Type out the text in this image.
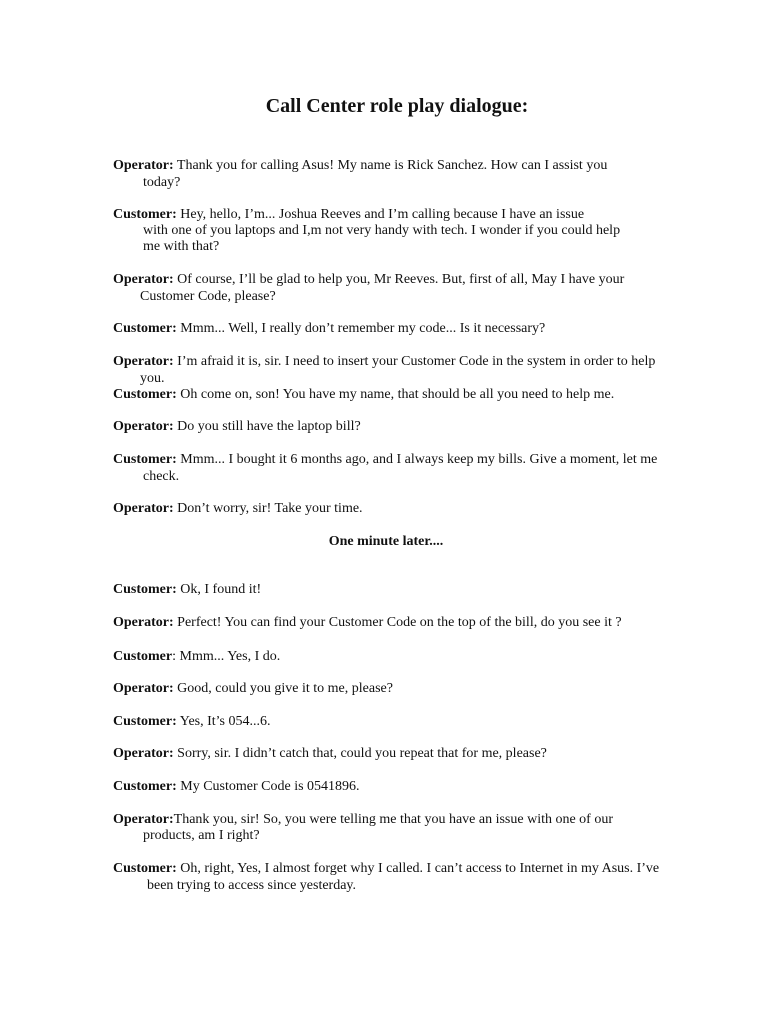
Call Center role play dialogue:

Operator: Thank you for calling Asus! My name is Rick Sanchez. How can I assist you

today?

Customer: Hey, hello, I’m... Joshua Reeves and I’m calling because I have an issue

with one of you laptops and I,m not very handy with tech. I wonder if you could help

me with that?

Operator: Of course, I’ll be glad to help you, Mr Reeves. But, first of all, May I have your

Customer Code, please?

Customer: Mmm... Well, I really don’t remember my code... Is it necessary?

Operator: I’m afraid it is, sir. I need to insert your Customer Code in the system in order to help

you.

Customer: Oh come on, son! You have my name, that should be all you need to help me.

Operator: Do you still have the laptop bill?

Customer: Mmm... I bought it 6 months ago, and I always keep my bills. Give a moment, let me

check.

Operator: Don’t worry, sir! Take your time.

One minute later....

Customer: Ok, I found it!

Operator: Perfect! You can find your Customer Code on the top of the bill, do you see it ?

Customer: Mmm... Yes, I do.

Operator: Good, could you give it to me, please?

Customer: Yes, It’s 054...6.

Operator: Sorry, sir. I didn’t catch that, could you repeat that for me, please?

Customer: My Customer Code is 0541896.

Operator:Thank you, sir! So, you were telling me that you have an issue with one of our

products, am I right?

Customer: Oh, right, Yes, I almost forget why I called. I can’t access to Internet in my Asus. I’ve

been trying to access since yesterday.
